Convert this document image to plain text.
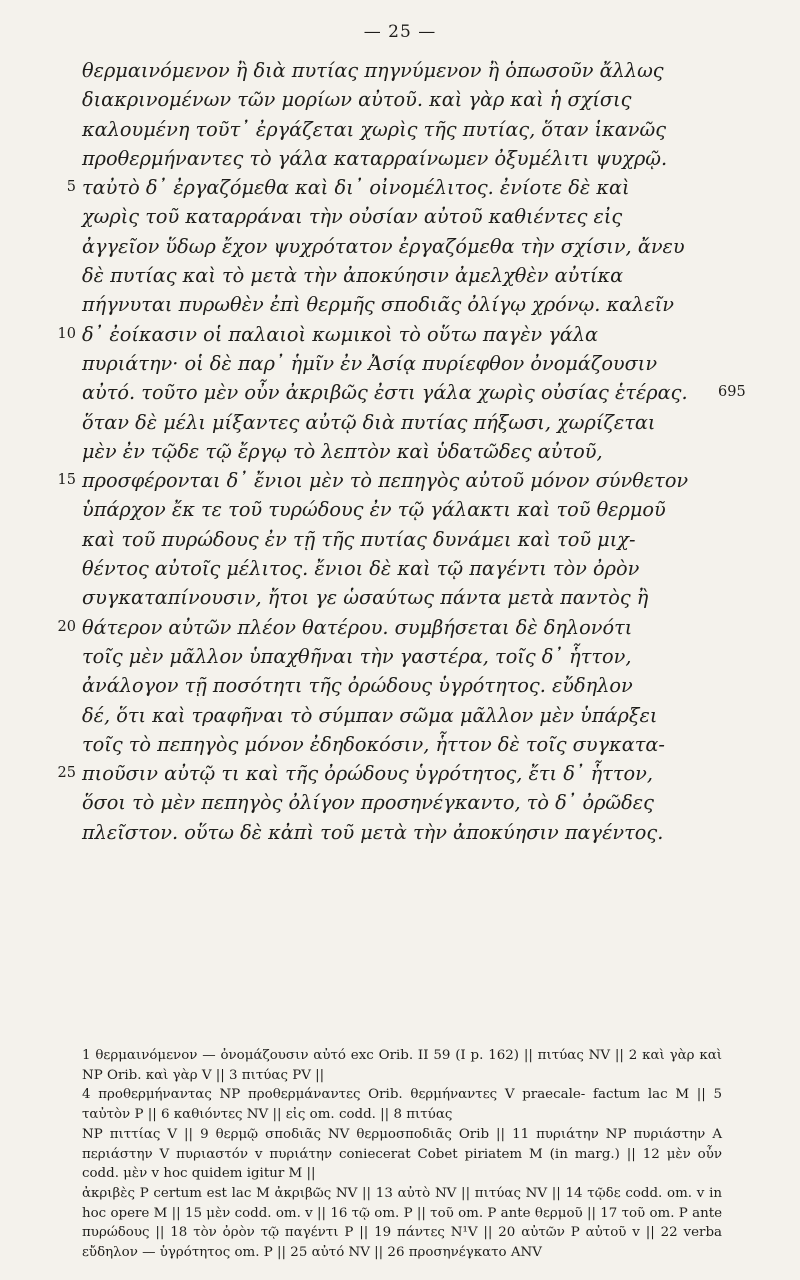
— 25 —
θερμαινόμενον ἢ διὰ πυτίας πηγνύμενον ἢ ὁπωσοῦν ἄλλως
διακρινομένων τῶν μορίων αὐτοῦ. καὶ γὰρ καὶ ἡ σχίσις
καλουμένη τοῦτ᾽ ἐργάζεται χωρὶς τῆς πυτίας, ὅταν ἱκανῶς
προθερμήναντες τὸ γάλα καταρραίνωμεν ὀξυμέλιτι ψυχρῷ.
ταὐτὸ δ᾽ ἐργαζόμεθα καὶ δι᾽ οἰνομέλιτος. ἐνίοτε δὲ καὶ
5
χωρὶς τοῦ καταρράναι τὴν οὐσίαν αὐτοῦ καθιέντες εἰς
ἀγγεῖον ὕδωρ ἔχον ψυχρότατον ἐργαζόμεθα τὴν σχίσιν, ἄνευ
δὲ πυτίας καὶ τὸ μετὰ τὴν ἀποκύησιν ἀμελχθὲν αὐτίκα
πήγνυται πυρωθὲν ἐπὶ θερμῆς σποδιᾶς ὀλίγῳ χρόνῳ. καλεῖν
δ᾽ ἐοίκασιν οἱ παλαιοὶ κωμικοὶ τὸ οὕτω παγὲν γάλα
10
πυριάτην· οἱ δὲ παρ᾽ ἡμῖν ἐν Ἀσίᾳ πυρίεφθον ὀνομάζουσιν
αὐτό. τοῦτο μὲν οὖν ἀκριβῶς ἐστι γάλα χωρὶς οὐσίας ἑτέρας. 695
ὅταν δὲ μέλι μίξαντες αὐτῷ διὰ πυτίας πήξωσι, χωρίζεται
μὲν ἐν τῷδε τῷ ἔργῳ τὸ λεπτὸν καὶ ὑδατῶδες αὐτοῦ,
προσφέρονται δ᾽ ἔνιοι μὲν τὸ πεπηγὸς αὐτοῦ μόνον σύνθετον
15
ὑπάρχον ἔκ τε τοῦ τυρώδους ἐν τῷ γάλακτι καὶ τοῦ θερμοῦ
καὶ τοῦ πυρώδους ἐν τῇ τῆς πυτίας δυνάμει καὶ τοῦ μιχ-
θέντος αὐτοῖς μέλιτος. ἔνιοι δὲ καὶ τῷ παγέντι τὸν ὀρὸν
συγκαταπίνουσιν, ἤτοι γε ὡσαύτως πάντα μετὰ παντὸς ἢ
θάτερον αὐτῶν πλέον θατέρου. συμβήσεται δὲ δηλονότι
20
τοῖς μὲν μᾶλλον ὑπαχθῆναι τὴν γαστέρα, τοῖς δ᾽ ἧττον,
ἀνάλογον τῇ ποσότητι τῆς ὀρώδους ὑγρότητος. εὔδηλον
δέ, ὅτι καὶ τραφῆναι τὸ σύμπαν σῶμα μᾶλλον μὲν ὑπάρξει
τοῖς τὸ πεπηγὸς μόνον ἐδηδοκόσιν, ἧττον δὲ τοῖς συγκατα-
πιοῦσιν αὐτῷ τι καὶ τῆς ὀρώδους ὑγρότητος, ἔτι δ᾽ ἧττον,
25
ὅσοι τὸ μὲν πεπηγὸς ὀλίγον προσηνέγκαντο, τὸ δ᾽ ὀρῶδες
πλεῖστον. οὕτω δὲ κἀπὶ τοῦ μετὰ τὴν ἀποκύησιν παγέντος.
1 θερμαινόμενον — ὀνομάζουσιν αὐτό exc Orib. II 59 (I p. 162) || πιτύας NV || 2 καὶ γὰρ καὶ NP Orib. καὶ γὰρ V || 3 πιτύας PV ||
4 προθερμήναντας NP προθερμάναντες Orib. θερμήναντες V praecale- factum lac M || 5 ταὐτὸν P || 6 καθιόντες NV || εἰς om. codd. || 8 πιτύας
NP πιττίας V || 9 θερμῷ σποδιᾶς NV θερμοσποδιᾶς Orib || 11 πυριάτην NP πυριάστην A περιάστην V πυριαστόν v πυριάτην coniecerat Cobet piriatem M (in marg.) || 12 μὲν οὖν codd. μὲν v hoc quidem igitur M ||
ἀκριβὲς P certum est lac M ἀκριβῶς NV || 13 αὐτὸ NV || πιτύας NV || 14 τῷδε codd. om. v in hoc opere M || 15 μὲν codd. om. v || 16 τῷ om. P || τοῦ om. P ante θερμοῦ || 17 τοῦ om. P ante πυρώδους || 18 τὸν ὀρὸν τῷ παγέντι P || 19 πάντες N¹V || 20 αὐτῶν P αὐτοῦ v || 22 verba εὔδηλον — ὑγρότητος om. P || 25 αὐτό NV || 26 προσηνέγκατο ANV
